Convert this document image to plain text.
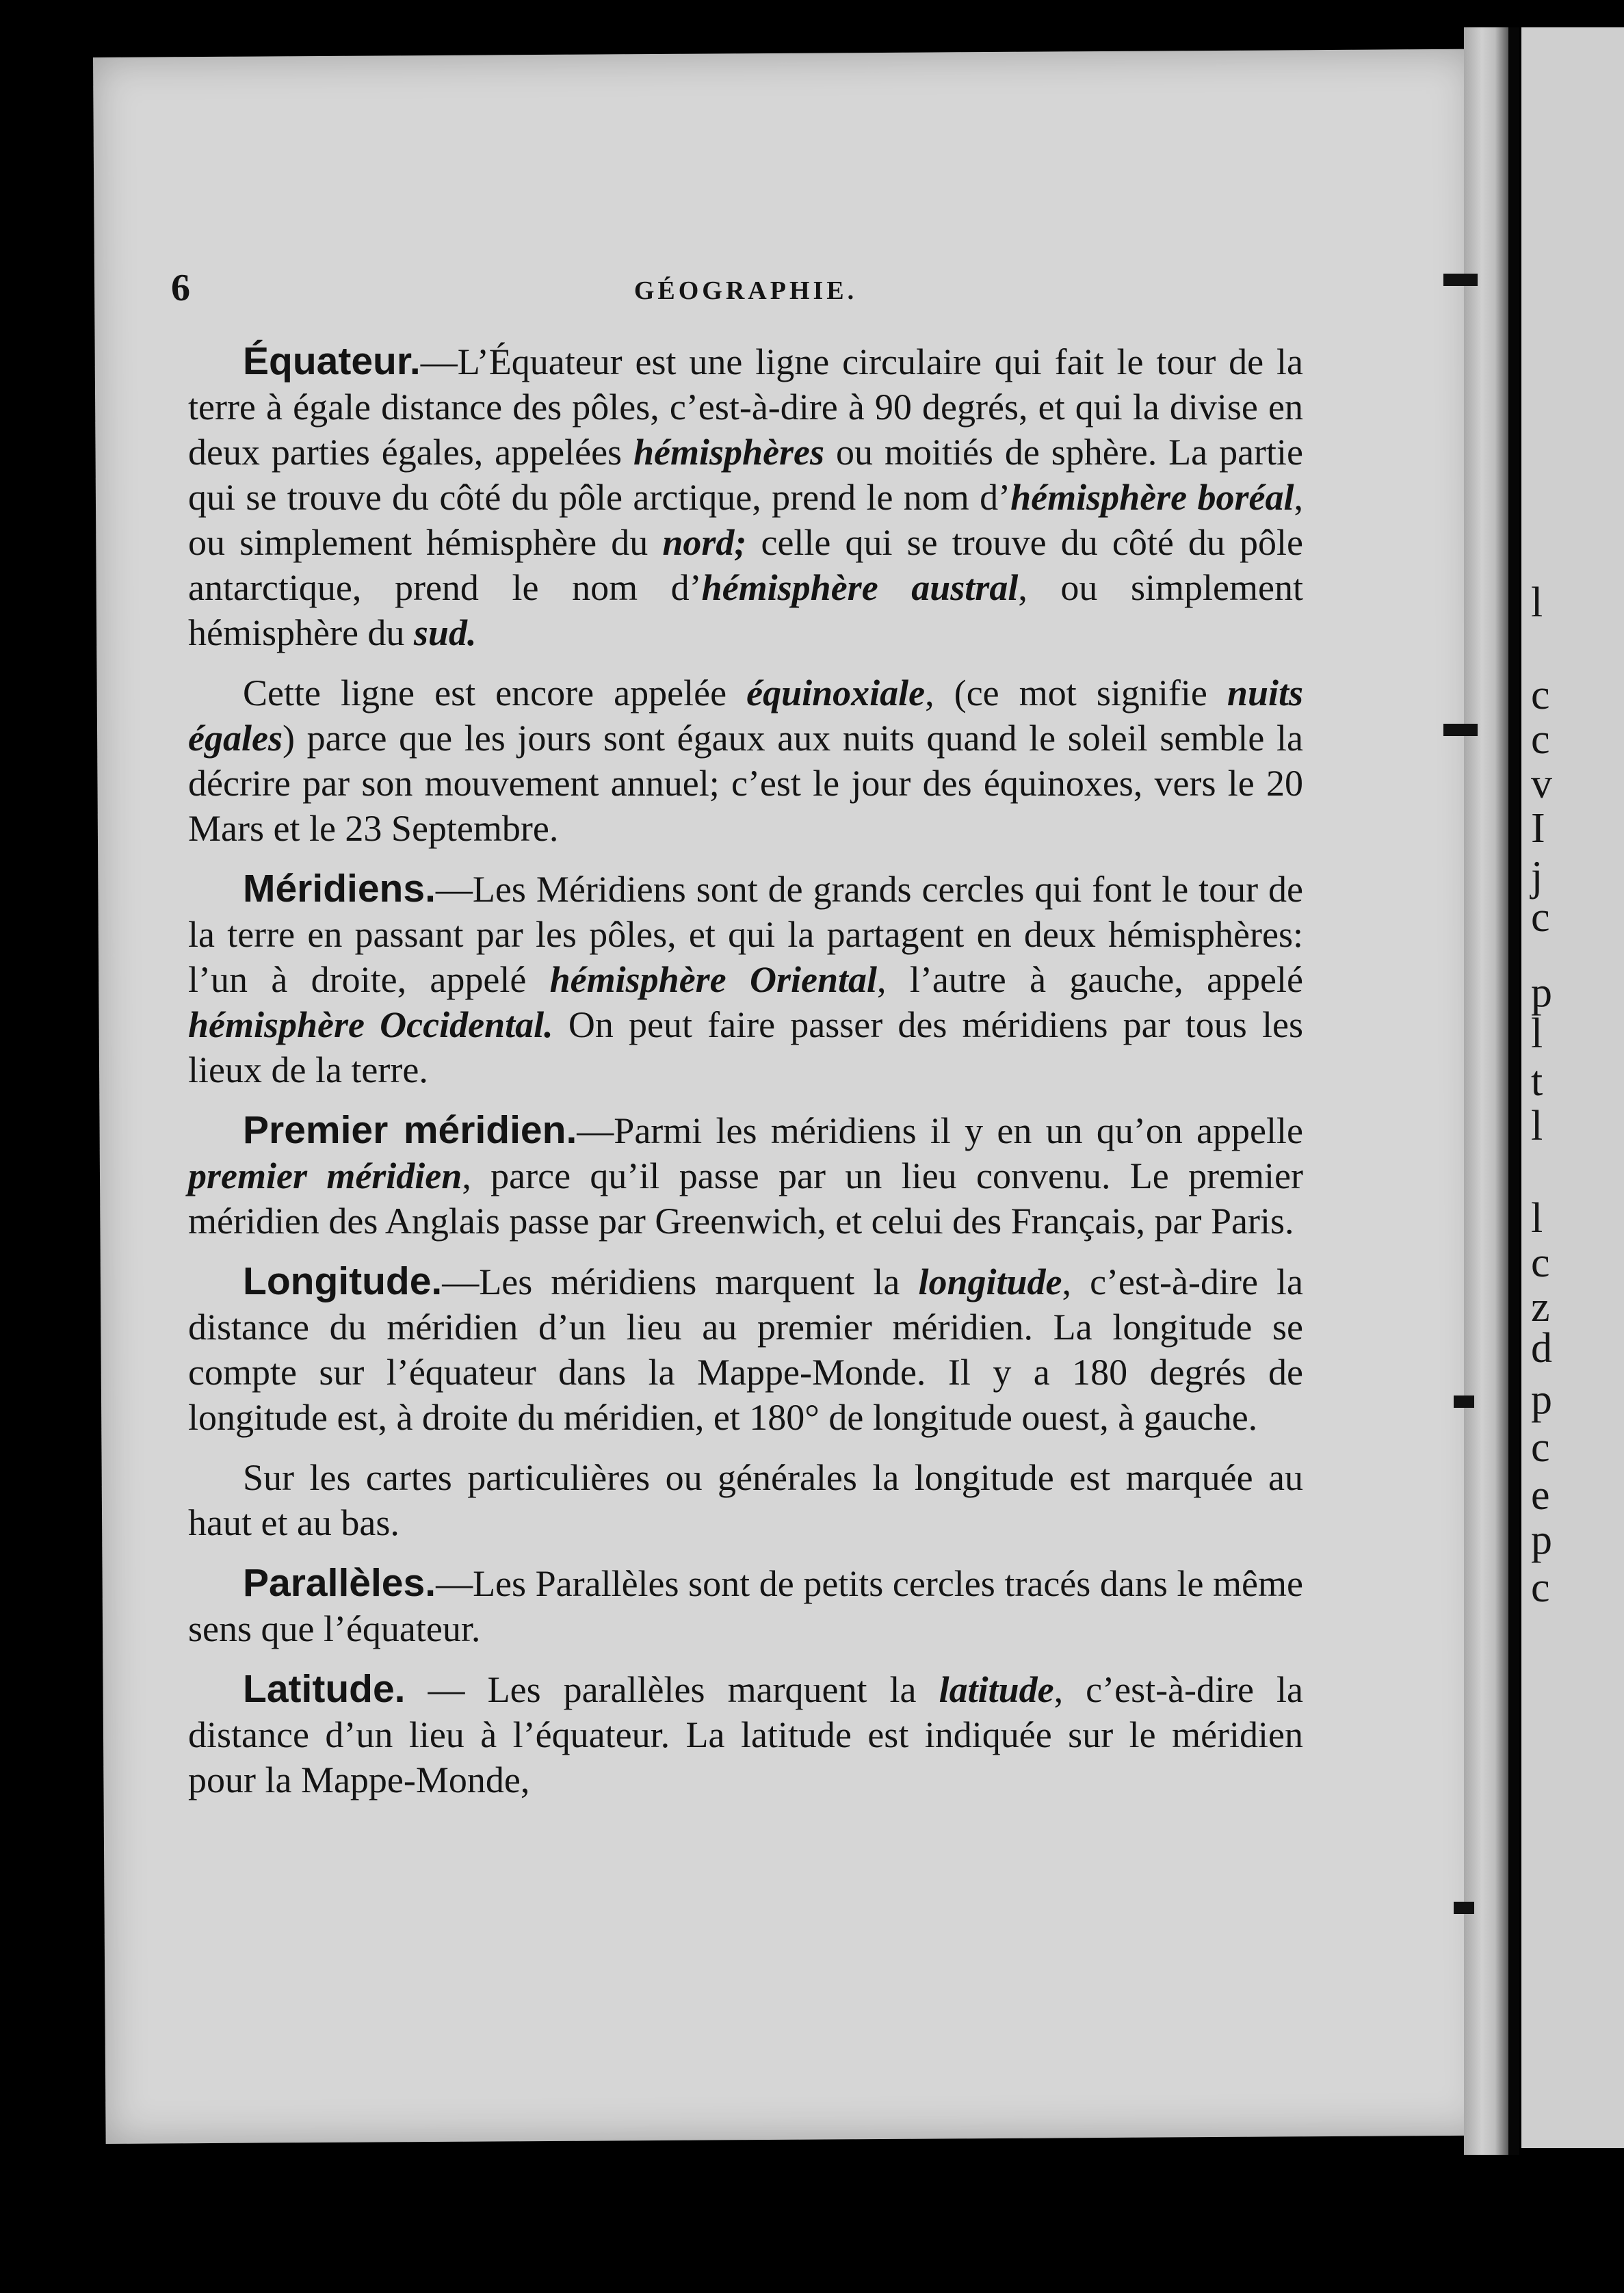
l
c
c
v
I
j
c
p
l
t
l
l
c
z
d
p
c
e
p
c
6	GÉOGRAPHIE.

Équateur.—L’Équateur est une ligne circulaire qui fait le tour de la terre à égale distance des pôles, c’est-à-dire à 90 degrés, et qui la divise en deux parties égales, appelées hémisphères ou moitiés de sphère. La partie qui se trouve du côté du pôle arctique, prend le nom d’hémisphère boréal, ou simplement hémisphère du nord; celle qui se trouve du côté du pôle antarctique, prend le nom d’hémisphère austral, ou simplement hémisphère du sud.

Cette ligne est encore appelée équinoxiale, (ce mot signifie nuits égales) parce que les jours sont égaux aux nuits quand le soleil semble la décrire par son mouvement annuel; c’est le jour des équinoxes, vers le 20 Mars et le 23 Septembre.

Méridiens.—Les Méridiens sont de grands cercles qui font le tour de la terre en passant par les pôles, et qui la partagent en deux hémisphères: l’un à droite, appelé hémisphère Oriental, l’autre à gauche, appelé hémisphère Occidental. On peut faire passer des méridiens par tous les lieux de la terre.

Premier méridien.—Parmi les méridiens il y en un qu’on appelle premier méridien, parce qu’il passe par un lieu convenu. Le premier méridien des Anglais passe par Greenwich, et celui des Français, par Paris.

Longitude.—Les méridiens marquent la longitude, c’est-à-dire la distance du méridien d’un lieu au premier méridien. La longitude se compte sur l’équateur dans la Mappe-Monde. Il y a 180 degrés de longitude est, à droite du méridien, et 180° de longitude ouest, à gauche.

Sur les cartes particulières ou générales la longitude est marquée au haut et au bas.

Parallèles.—Les Parallèles sont de petits cercles tracés dans le même sens que l’équateur.

Latitude. — Les parallèles marquent la latitude, c’est-à-dire la distance d’un lieu à l’équateur. La latitude est indiquée sur le méridien pour la Mappe-Monde,
